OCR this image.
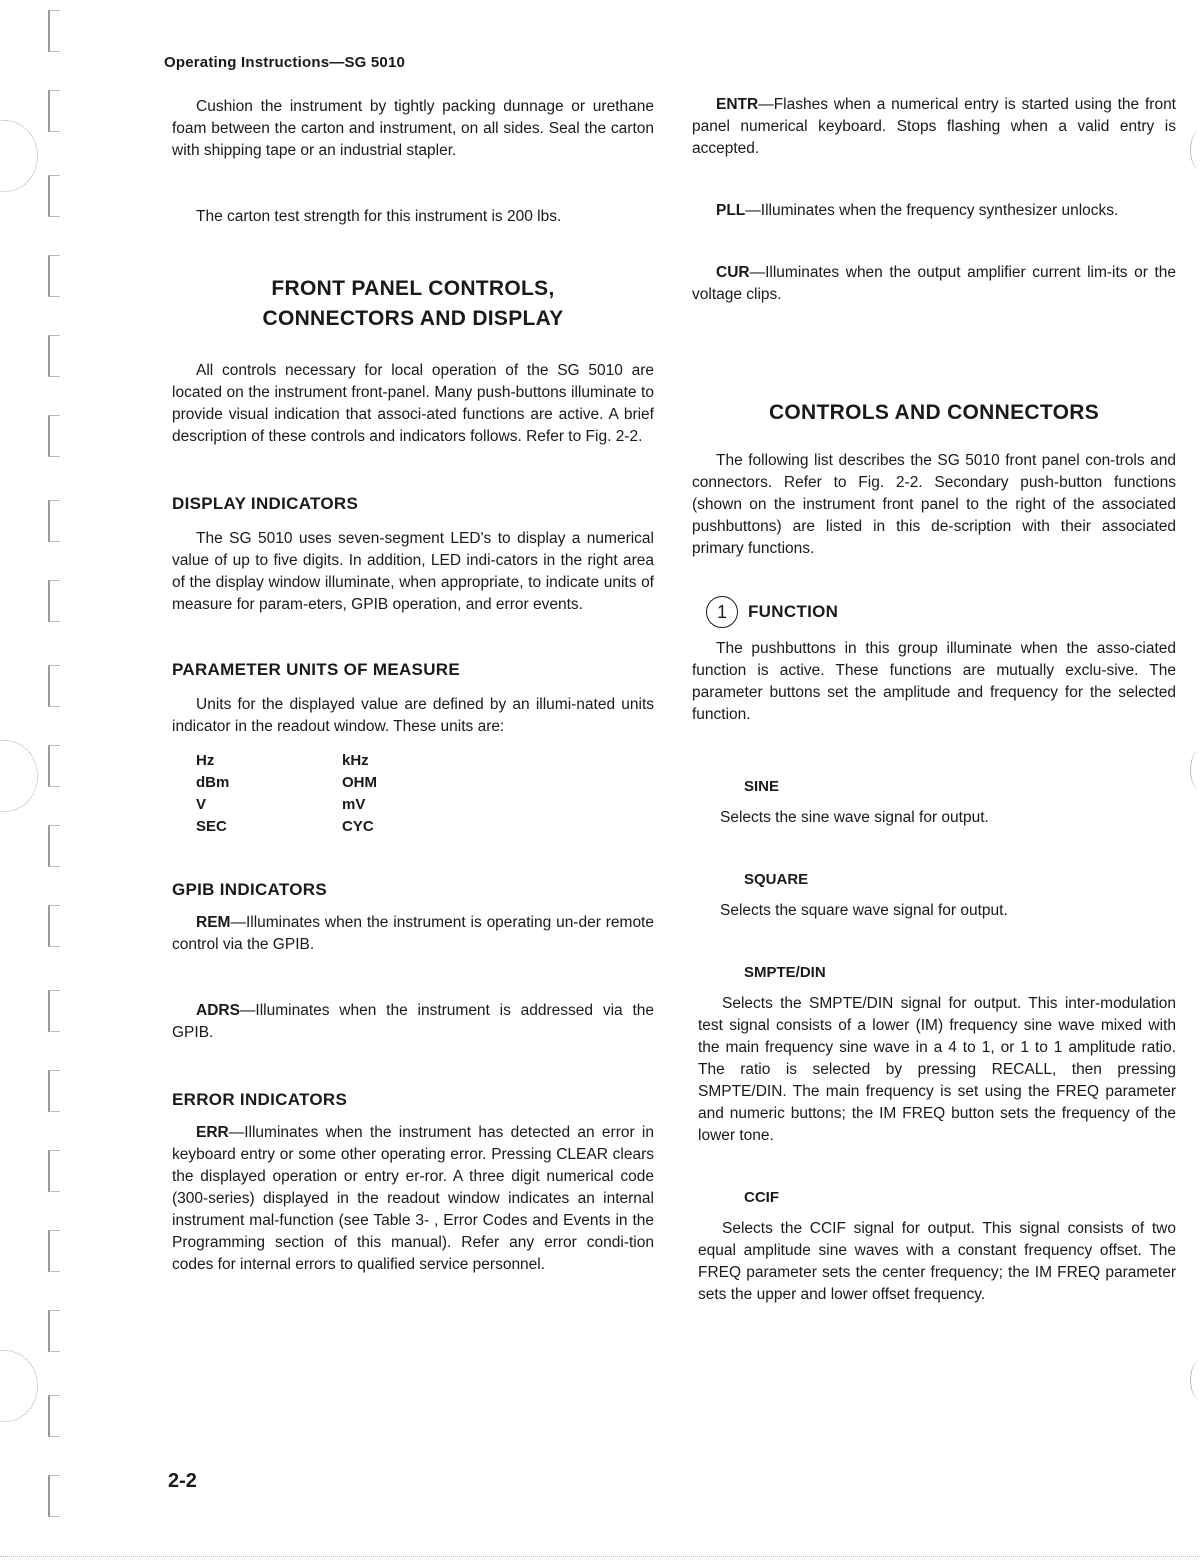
Operating Instructions—SG 5010

Cushion the instrument by tightly packing dunnage or urethane foam between the carton and instrument, on all sides. Seal the carton with shipping tape or an industrial stapler.

The carton test strength for this instrument is 200 lbs.

FRONT PANEL CONTROLS,
CONNECTORS AND DISPLAY

All controls necessary for local operation of the SG 5010 are located on the instrument front-panel. Many push-buttons illuminate to provide visual indication that associ-ated functions are active. A brief description of these controls and indicators follows. Refer to Fig. 2-2.

DISPLAY INDICATORS

The SG 5010 uses seven-segment LED's to display a numerical value of up to five digits. In addition, LED indi-cators in the right area of the display window illuminate, when appropriate, to indicate units of measure for param-eters, GPIB operation, and error events.

PARAMETER UNITS OF MEASURE

Units for the displayed value are defined by an illumi-nated units indicator in the readout window. These units are:

Hz	kHz
dBm	OHM
V	mV
SEC	CYC
GPIB INDICATORS

REM—Illuminates when the instrument is operating un-der remote control via the GPIB.

ADRS—Illuminates when the instrument is addressed via the GPIB.

ERROR INDICATORS

ERR—Illuminates when the instrument has detected an error in keyboard entry or some other operating error. Pressing CLEAR clears the displayed operation or entry er-ror. A three digit numerical code (300-series) displayed in the readout window indicates an internal instrument mal-function (see Table 3- , Error Codes and Events in the Programming section of this manual). Refer any error condi-tion codes for internal errors to qualified service personnel.

ENTR—Flashes when a numerical entry is started using the front panel numerical keyboard. Stops flashing when a valid entry is accepted.

PLL—Illuminates when the frequency synthesizer unlocks.

CUR—Illuminates when the output amplifier current lim-its or the voltage clips.

CONTROLS AND CONNECTORS

The following list describes the SG 5010 front panel con-trols and connectors. Refer to Fig. 2-2. Secondary push-button functions (shown on the instrument front panel to the right of the associated pushbuttons) are listed in this de-scription with their associated primary functions.

1	FUNCTION

The pushbuttons in this group illuminate when the asso-ciated function is active. These functions are mutually exclu-sive. The parameter buttons set the amplitude and frequency for the selected function.

SINE

Selects the sine wave signal for output.

SQUARE

Selects the square wave signal for output.

SMPTE/DIN

Selects the SMPTE/DIN signal for output. This inter-modulation test signal consists of a lower (IM) frequency sine wave mixed with the main frequency sine wave in a 4 to 1, or 1 to 1 amplitude ratio. The ratio is selected by pressing RECALL, then pressing SMPTE/DIN. The main frequency is set using the FREQ parameter and numeric buttons; the IM FREQ button sets the frequency of the lower tone.

CCIF

Selects the CCIF signal for output. This signal consists of two equal amplitude sine waves with a constant frequency offset. The FREQ parameter sets the center frequency; the IM FREQ parameter sets the upper and lower offset frequency.

2-2
